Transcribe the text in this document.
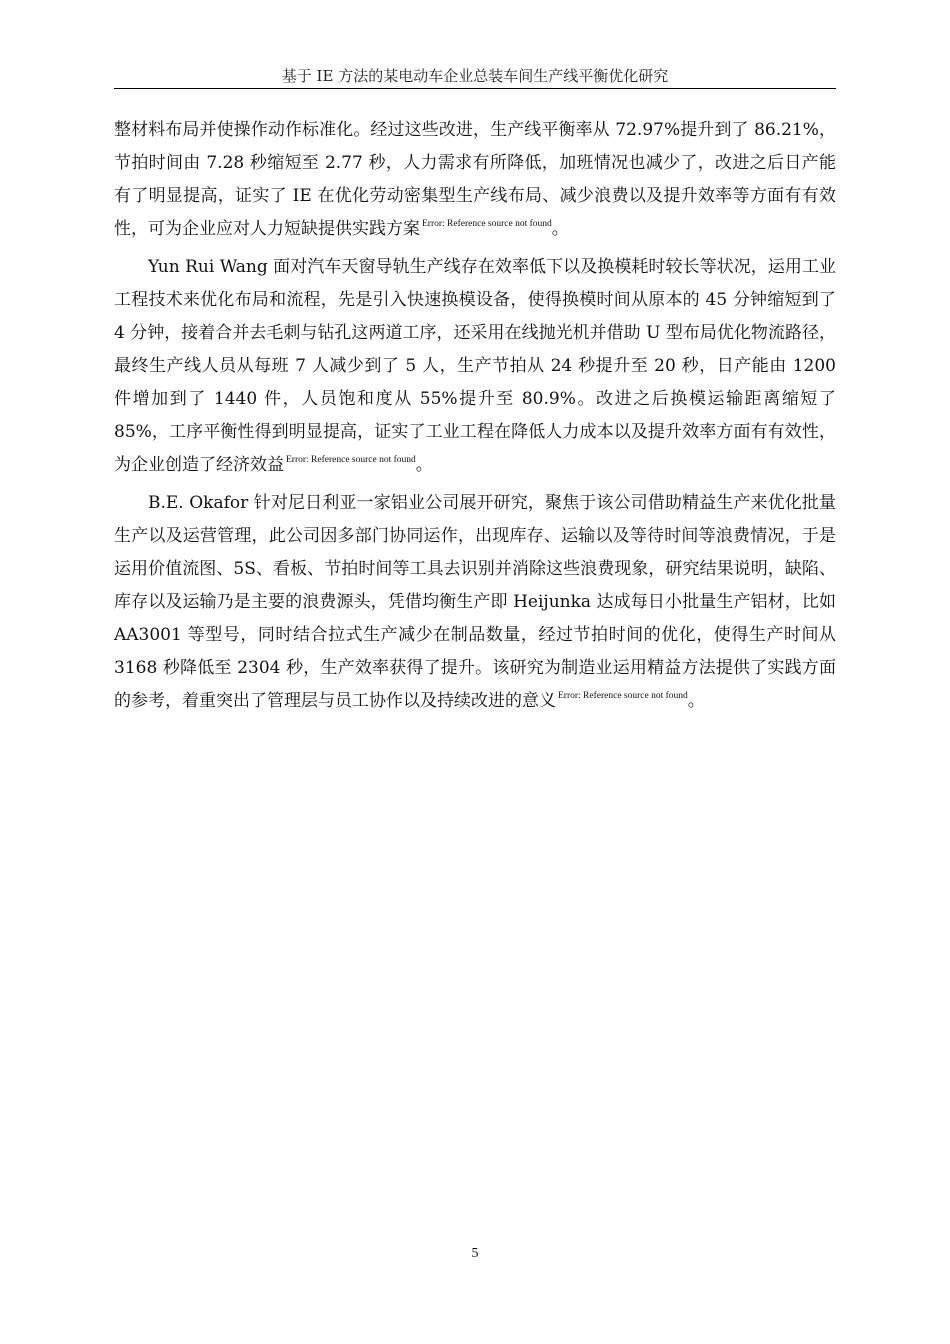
基于 IE 方法的某电动车企业总装车间生产线平衡优化研究

整材料布局并使操作动作标准化。经过这些改进，生产线平衡率从 72.97%提升到了 86.21%，节拍时间由 7.28 秒缩短至 2.77 秒，人力需求有所降低，加班情况也减少了，改进之后日产能有了明显提高，证实了 IE 在优化劳动密集型生产线布局、减少浪费以及提升效率等方面有有效性，可为企业应对人力短缺提供实践方案 $^{Error: Reference source not found}$。

Yun Rui Wang 面对汽车天窗导轨生产线存在效率低下以及换模耗时较长等状况，运用工业工程技术来优化布局和流程，先是引入快速换模设备，使得换模时间从原本的 45 分钟缩短到了 4 分钟，接着合并去毛刺与钻孔这两道工序，还采用在线抛光机并借助 U 型布局优化物流路径，最终生产线人员从每班 7 人减少到了 5 人，生产节拍从 24 秒提升至 20 秒，日产能由 1200 件增加到了 1440 件，人员饱和度从 55%提升至 80.9%。改进之后换模运输距离缩短了 85%，工序平衡性得到明显提高，证实了工业工程在降低人力成本以及提升效率方面有有效性，为企业创造了经济效益 $^{Error: Reference source not found}$。

B.E. Okafor 针对尼日利亚一家铝业公司展开研究，聚焦于该公司借助精益生产来优化批量生产以及运营管理，此公司因多部门协同运作，出现库存、运输以及等待时间等浪费情况，于是运用价值流图、5S、看板、节拍时间等工具去识别并消除这些浪费现象，研究结果说明，缺陷、库存以及运输乃是主要的浪费源头，凭借均衡生产即 Heijunka 达成每日小批量生产铝材，比如 AA3001 等型号，同时结合拉式生产减少在制品数量，经过节拍时间的优化，使得生产时间从 3168 秒降低至 2304 秒，生产效率获得了提升。该研究为制造业运用精益方法提供了实践方面的参考，着重突出了管理层与员工协作以及持续改进的意义 $^{Error: Reference source not found}$。

5
